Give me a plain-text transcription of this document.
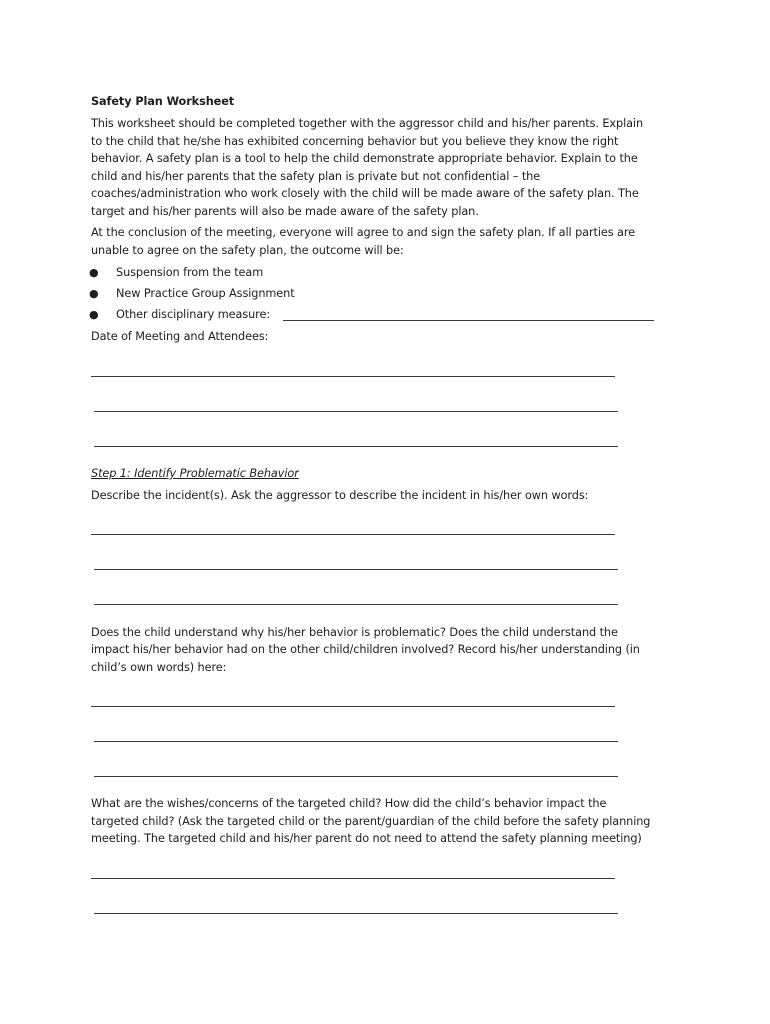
Safety Plan Worksheet
This worksheet should be completed together with the aggressor child and his/her parents. Explain
to the child that he/she has exhibited concerning behavior but you believe they know the right
behavior. A safety plan is a tool to help the child demonstrate appropriate behavior. Explain to the
child and his/her parents that the safety plan is private but not confidential – the
coaches/administration who work closely with the child will be made aware of the safety plan. The
target and his/her parents will also be made aware of the safety plan.
At the conclusion of the meeting, everyone will agree to and sign the safety plan. If all parties are
unable to agree on the safety plan, the outcome will be:
● Suspension from the team
● New Practice Group Assignment
● Other disciplinary measure:
Date of Meeting and Attendees:
Step 1: Identify Problematic Behavior
Describe the incident(s). Ask the aggressor to describe the incident in his/her own words:
Does the child understand why his/her behavior is problematic? Does the child understand the
impact his/her behavior had on the other child/children involved? Record his/her understanding (in
child’s own words) here:
What are the wishes/concerns of the targeted child? How did the child’s behavior impact the
targeted child? (Ask the targeted child or the parent/guardian of the child before the safety planning
meeting. The targeted child and his/her parent do not need to attend the safety planning meeting)
